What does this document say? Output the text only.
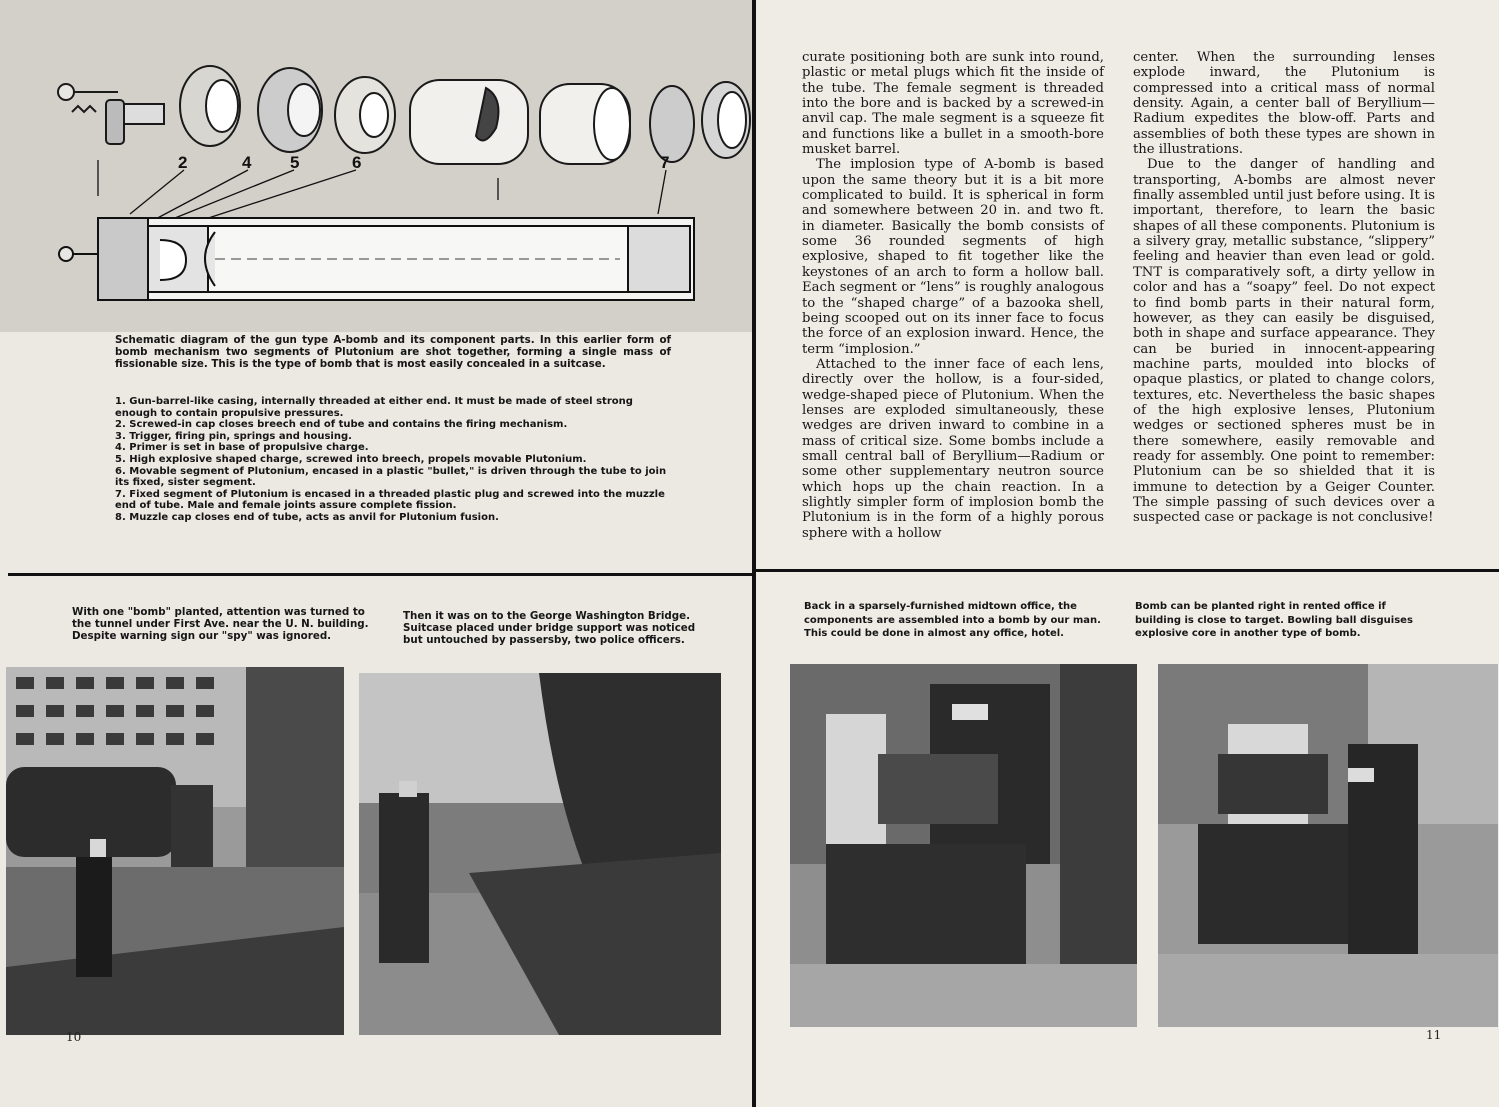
2	4 5	6	7

Schematic diagram of the gun type A-bomb and its component parts. In this earlier form of bomb mechanism two segments of Plutonium are shot together, forming a single mass of fissionable size. This is the type of bomb that is most easily concealed in a suitcase.

1. Gun-barrel-like casing, internally threaded at either end. It must be made of steel strong enough to contain propulsive pressures.
2. Screwed-in cap closes breech end of tube and contains the firing mechanism.
3. Trigger, firing pin, springs and housing.
4. Primer is set in base of propulsive charge.
5. High explosive shaped charge, screwed into breech, propels movable Plutonium.
6. Movable segment of Plutonium, encased in a plastic "bullet," is driven through the tube to join its fixed, sister segment.
7. Fixed segment of Plutonium is encased in a threaded plastic plug and screwed into the muzzle end of tube. Male and female joints assure complete fission.
8. Muzzle cap closes end of tube, acts as anvil for Plutonium fusion.

With one "bomb" planted, attention was turned to the tunnel under First Ave. near the U. N. building. Despite warning sign our "spy" was ignored.

Then it was on to the George Washington Bridge. Suitcase placed under bridge support was noticed but untouched by passersby, two police officers.

10

curate positioning both are sunk into round, plastic or metal plugs which fit the inside of the tube. The female segment is threaded into the bore and is backed by a screwed-in anvil cap. The male segment is a squeeze fit and functions like a bullet in a smooth-bore musket barrel.

The implosion type of A-bomb is based upon the same theory but it is a bit more complicated to build. It is spherical in form and somewhere between 20 in. and two ft. in diameter. Basically the bomb consists of some 36 rounded segments of high explosive, shaped to fit together like the keystones of an arch to form a hollow ball. Each segment or “lens” is roughly analogous to the “shaped charge” of a bazooka shell, being scooped out on its inner face to focus the force of an explosion inward. Hence, the term “implosion.”

Attached to the inner face of each lens, directly over the hollow, is a four-sided, wedge-shaped piece of Plutonium. When the lenses are exploded simultaneously, these wedges are driven inward to combine in a mass of critical size. Some bombs include a small central ball of Beryllium—Radium or some other supplementary neutron source which hops up the chain reaction. In a slightly simpler form of implosion bomb the Plutonium is in the form of a highly porous sphere with a hollow

center. When the surrounding lenses explode inward, the Plutonium is compressed into a critical mass of normal density. Again, a center ball of Beryllium—Radium expedites the blow-off. Parts and assemblies of both these types are shown in the illustrations.

Due to the danger of handling and transporting, A-bombs are almost never finally assembled until just before using. It is important, therefore, to learn the basic shapes of all these components. Plutonium is a silvery gray, metallic substance, “slippery” feeling and heavier than even lead or gold. TNT is comparatively soft, a dirty yellow in color and has a “soapy” feel. Do not expect to find bomb parts in their natural form, however, as they can easily be disguised, both in shape and surface appearance. They can be buried in innocent-appearing machine parts, moulded into blocks of opaque plastics, or plated to change colors, textures, etc. Nevertheless the basic shapes of the high explosive lenses, Plutonium wedges or sectioned spheres must be in there somewhere, easily removable and ready for assembly. One point to remember: Plutonium can be so shielded that it is immune to detection by a Geiger Counter. The simple passing of such devices over a suspected case or package is not conclusive!

Back in a sparsely-furnished midtown office, the components are assembled into a bomb by our man. This could be done in almost any office, hotel.

Bomb can be planted right in rented office if building is close to target. Bowling ball disguises explosive core in another type of bomb.

11
